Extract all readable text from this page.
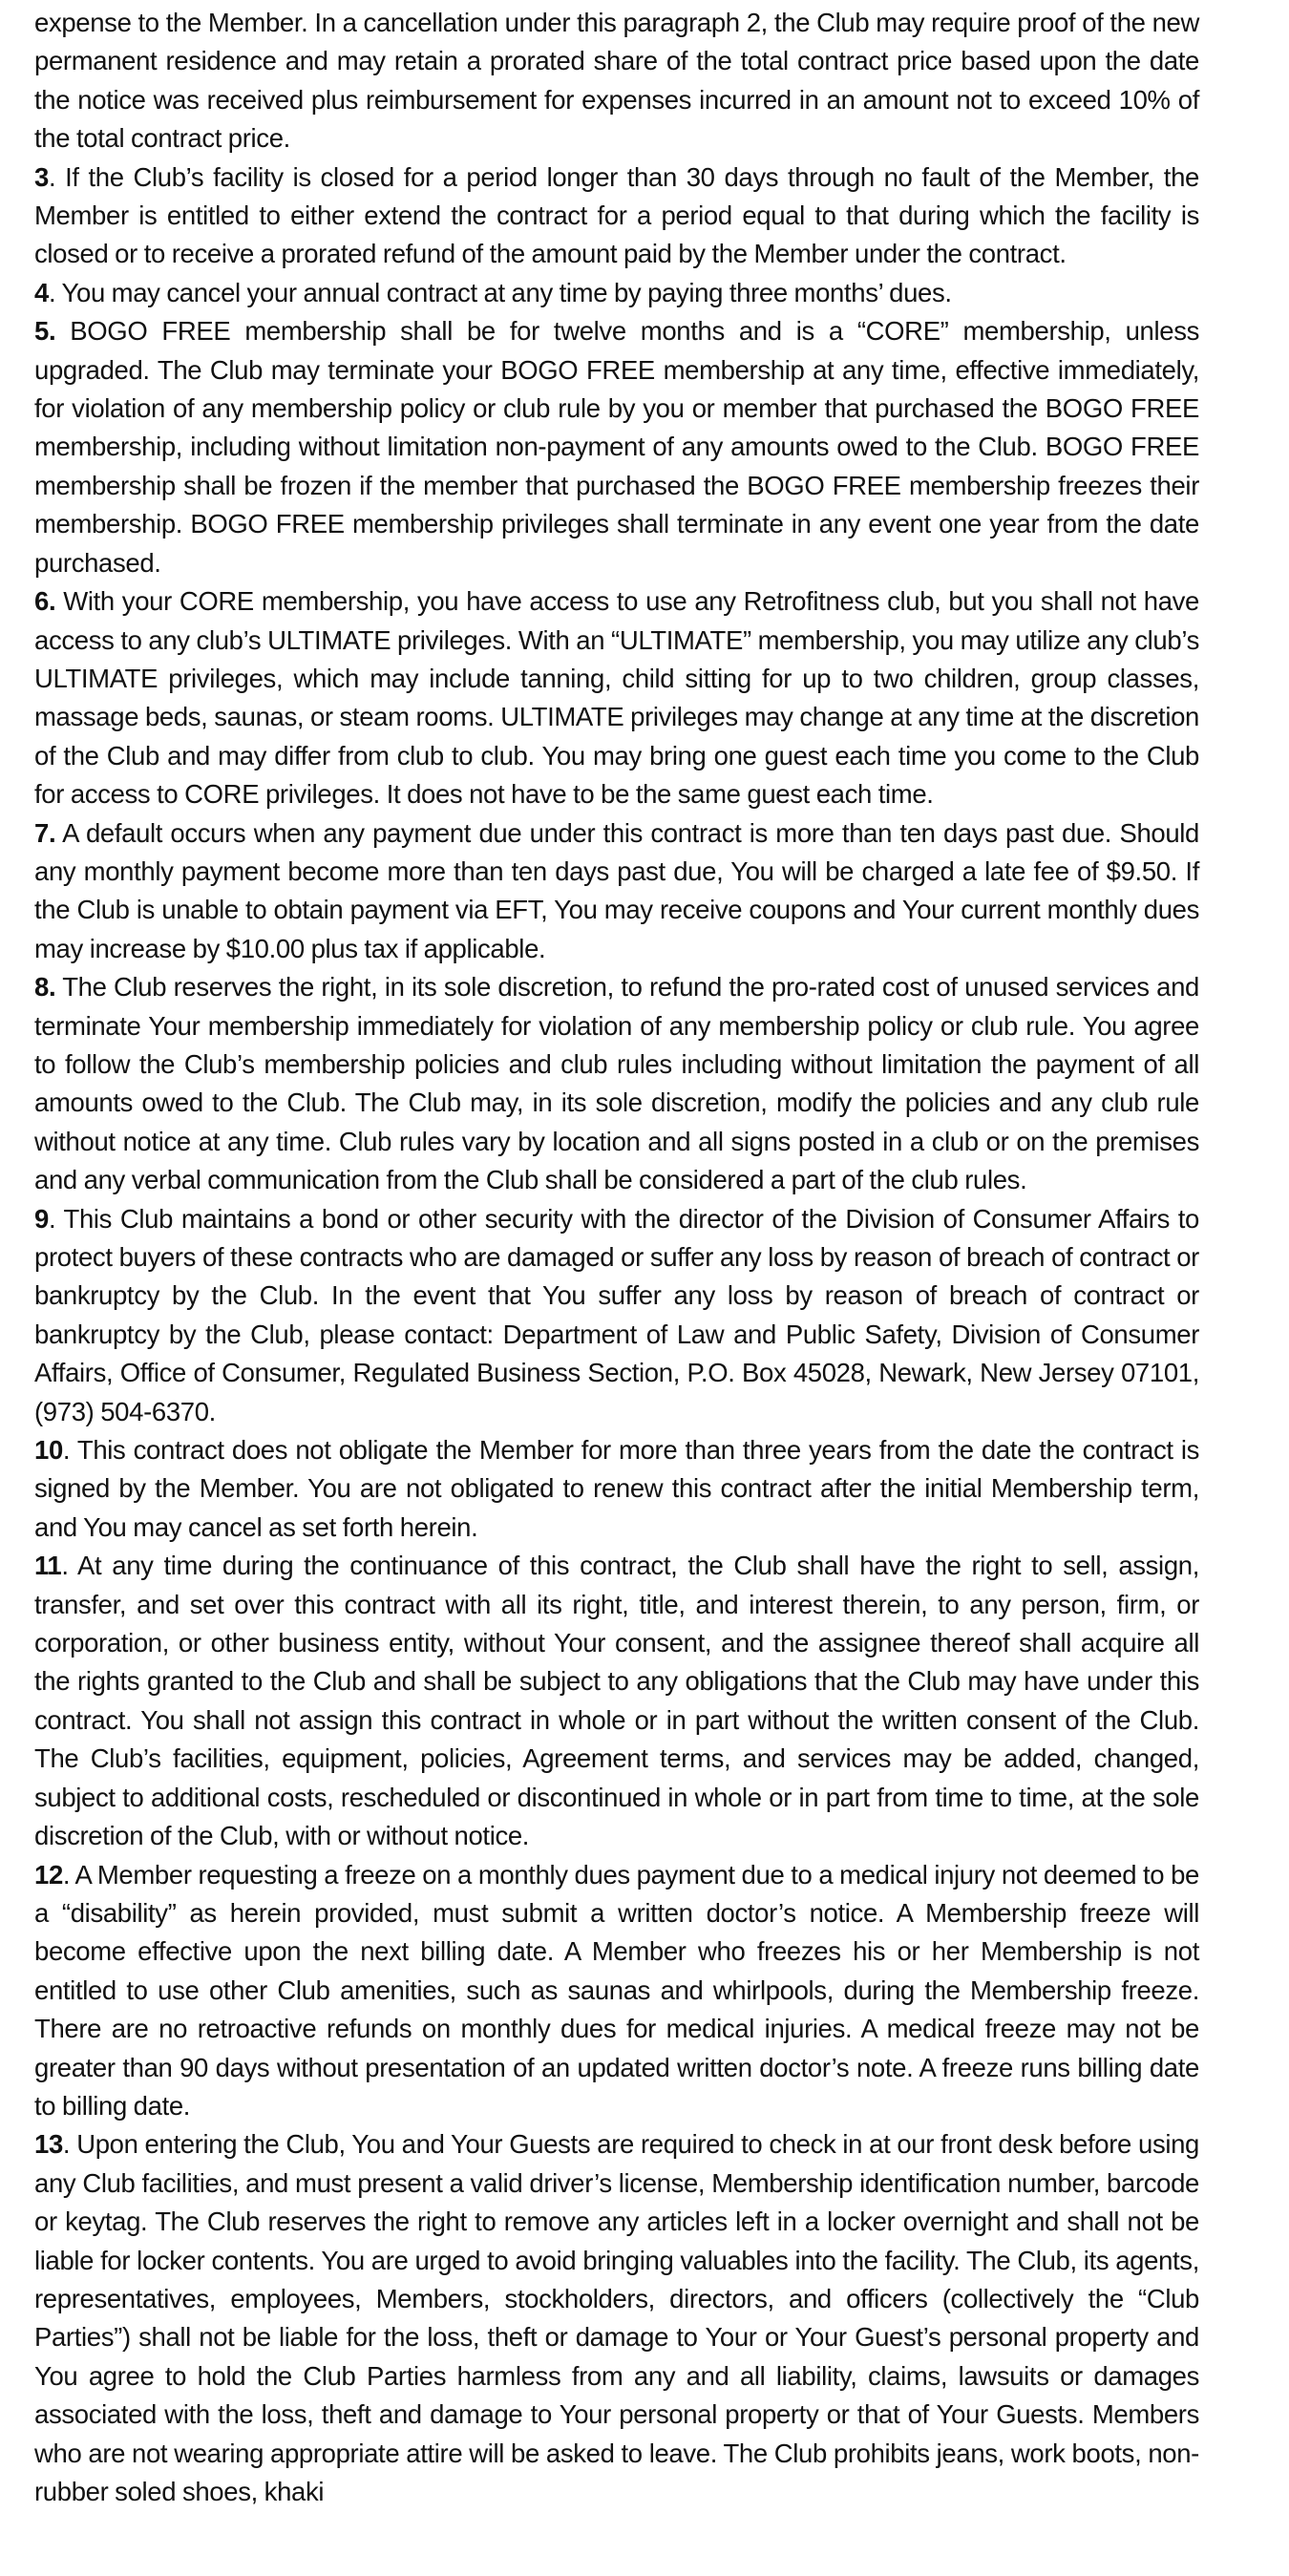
expense to the Member. In a cancellation under this paragraph 2, the Club may require proof of the new permanent residence and may retain a prorated share of the total contract price based upon the date the notice was received plus reimbursement for expenses incurred in an amount not to exceed 10% of the total contract price.

3. If the Club’s facility is closed for a period longer than 30 days through no fault of the Member, the Member is entitled to either extend the contract for a period equal to that during which the facility is closed or to receive a prorated refund of the amount paid by the Member under the contract.

4. You may cancel your annual contract at any time by paying three months’ dues.

5. BOGO FREE membership shall be for twelve months and is a “CORE” membership, unless upgraded. The Club may terminate your BOGO FREE membership at any time, effective immediately, for violation of any membership policy or club rule by you or member that purchased the BOGO FREE membership, including without limitation non-payment of any amounts owed to the Club. BOGO FREE membership shall be frozen if the member that purchased the BOGO FREE membership freezes their membership. BOGO FREE membership privileges shall terminate in any event one year from the date purchased.

6. With your CORE membership, you have access to use any Retrofitness club, but you shall not have access to any club’s ULTIMATE privileges. With an “ULTIMATE” membership, you may utilize any club’s ULTIMATE privileges, which may include tanning, child sitting for up to two children, group classes, massage beds, saunas, or steam rooms. ULTIMATE privileges may change at any time at the discretion of the Club and may differ from club to club. You may bring one guest each time you come to the Club for access to CORE privileges. It does not have to be the same guest each time.

7. A default occurs when any payment due under this contract is more than ten days past due. Should any monthly payment become more than ten days past due, You will be charged a late fee of $9.50. If the Club is unable to obtain payment via EFT, You may receive coupons and Your current monthly dues may increase by $10.00 plus tax if applicable.

8. The Club reserves the right, in its sole discretion, to refund the pro-rated cost of unused services and terminate Your membership immediately for violation of any membership policy or club rule. You agree to follow the Club’s membership policies and club rules including without limitation the payment of all amounts owed to the Club. The Club may, in its sole discretion, modify the policies and any club rule without notice at any time. Club rules vary by location and all signs posted in a club or on the premises and any verbal communication from the Club shall be considered a part of the club rules.

9. This Club maintains a bond or other security with the director of the Division of Consumer Affairs to protect buyers of these contracts who are damaged or suffer any loss by reason of breach of contract or bankruptcy by the Club. In the event that You suffer any loss by reason of breach of contract or bankruptcy by the Club, please contact: Department of Law and Public Safety, Division of Consumer Affairs, Office of Consumer, Regulated Business Section, P.O. Box 45028, Newark, New Jersey 07101, (973) 504-6370.

10. This contract does not obligate the Member for more than three years from the date the contract is signed by the Member. You are not obligated to renew this contract after the initial Membership term, and You may cancel as set forth herein.

11. At any time during the continuance of this contract, the Club shall have the right to sell, assign, transfer, and set over this contract with all its right, title, and interest therein, to any person, firm, or corporation, or other business entity, without Your consent, and the assignee thereof shall acquire all the rights granted to the Club and shall be subject to any obligations that the Club may have under this contract. You shall not assign this contract in whole or in part without the written consent of the Club. The Club’s facilities, equipment, policies, Agreement terms, and services may be added, changed, subject to additional costs, rescheduled or discontinued in whole or in part from time to time, at the sole discretion of the Club, with or without notice.

12. A Member requesting a freeze on a monthly dues payment due to a medical injury not deemed to be a “disability” as herein provided, must submit a written doctor’s notice. A Membership freeze will become effective upon the next billing date. A Member who freezes his or her Membership is not entitled to use other Club amenities, such as saunas and whirlpools, during the Membership freeze. There are no retroactive refunds on monthly dues for medical injuries. A medical freeze may not be greater than 90 days without presentation of an updated written doctor’s note. A freeze runs billing date to billing date.

13. Upon entering the Club, You and Your Guests are required to check in at our front desk before using any Club facilities, and must present a valid driver’s license, Membership identification number, barcode or keytag. The Club reserves the right to remove any articles left in a locker overnight and shall not be liable for locker contents. You are urged to avoid bringing valuables into the facility. The Club, its agents, representatives, employees, Members, stockholders, directors, and officers (collectively the “Club Parties”) shall not be liable for the loss, theft or damage to Your or Your Guest’s personal property and You agree to hold the Club Parties harmless from any and all liability, claims, lawsuits or damages associated with the loss, theft and damage to Your personal property or that of Your Guests. Members who are not wearing appropriate attire will be asked to leave. The Club prohibits jeans, work boots, non-rubber soled shoes, khaki
